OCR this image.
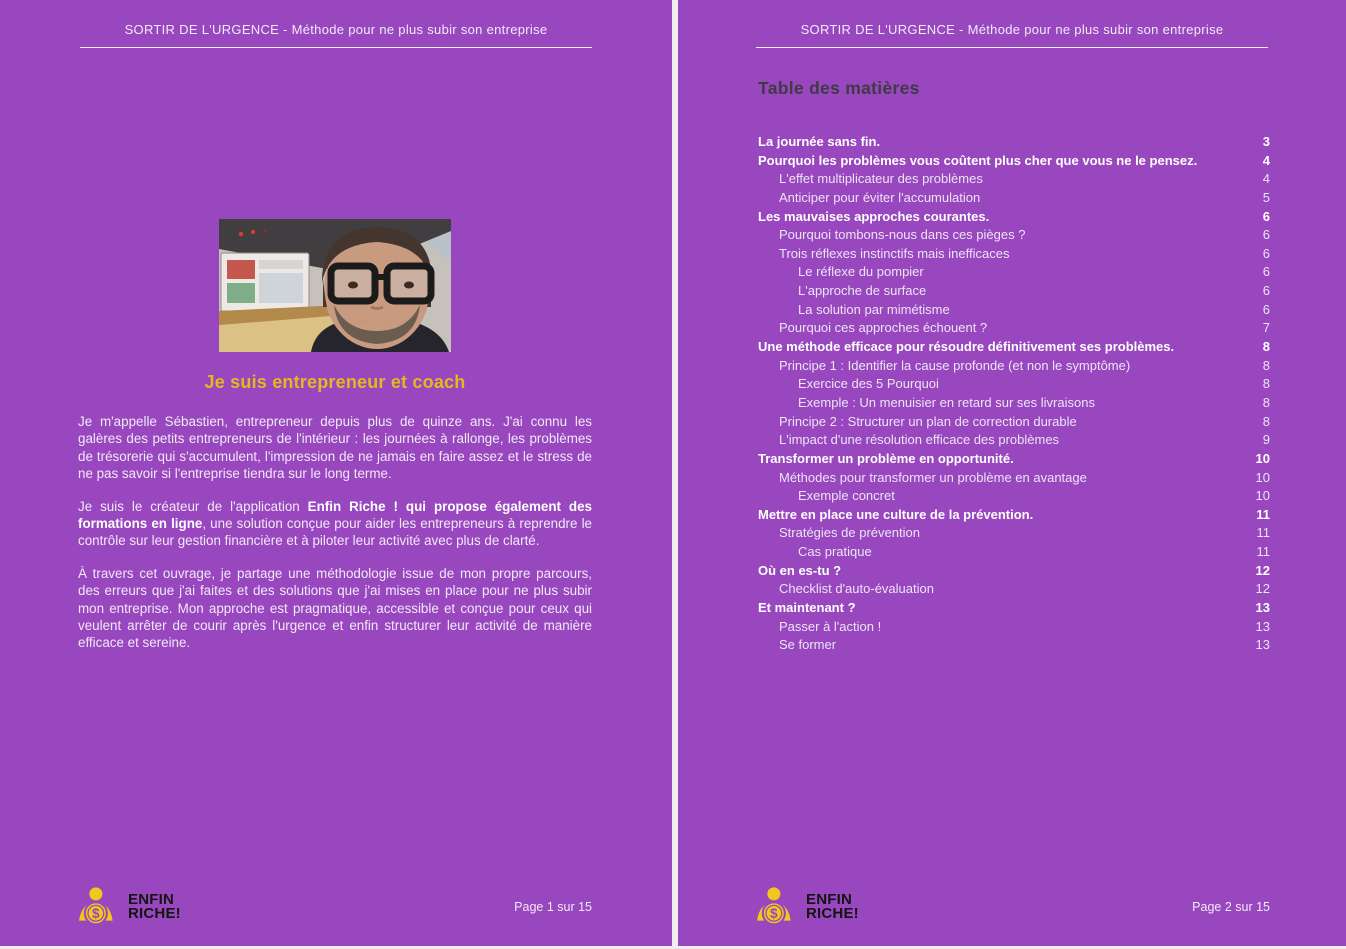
SORTIR DE L'URGENCE - Méthode pour ne plus subir son entreprise
Je suis entrepreneur et coach

Je m'appelle Sébastien, entrepreneur depuis plus de quinze ans. J'ai connu les galères des petits entrepreneurs de l'intérieur : les journées à rallonge, les problèmes de trésorerie qui s'accumulent, l'impression de ne jamais en faire assez et le stress de ne pas savoir si l'entreprise tiendra sur le long terme.

Je suis le créateur de l'application Enfin Riche ! qui propose également des formations en ligne, une solution conçue pour aider les entrepreneurs à reprendre le contrôle sur leur gestion financière et à piloter leur activité avec plus de clarté.

À travers cet ouvrage, je partage une méthodologie issue de mon propre parcours, des erreurs que j'ai faites et des solutions que j'ai mises en place pour ne plus subir mon entreprise. Mon approche est pragmatique, accessible et conçue pour ceux qui veulent arrêter de courir après l'urgence et enfin structurer leur activité de manière efficace et sereine.

$
ENFIN
RICHE!	Page 1 sur 15
SORTIR DE L'URGENCE - Méthode pour ne plus subir son entreprise
Table des matières
La journée sans fin.	3
Pourquoi les problèmes vous coûtent plus cher que vous ne le pensez.	4
L'effet multiplicateur des problèmes	4
Anticiper pour éviter l'accumulation	5
Les mauvaises approches courantes.	6
Pourquoi tombons-nous dans ces pièges ?	6
Trois réflexes instinctifs mais inefficaces	6
Le réflexe du pompier	6
L'approche de surface	6
La solution par mimétisme	6
Pourquoi ces approches échouent ?	7
Une méthode efficace pour résoudre définitivement ses problèmes.	8
Principe 1 : Identifier la cause profonde (et non le symptôme)	8
Exercice des 5 Pourquoi	8
Exemple : Un menuisier en retard sur ses livraisons	8
Principe 2 : Structurer un plan de correction durable	8
L'impact d'une résolution efficace des problèmes	9
Transformer un problème en opportunité.	10
Méthodes pour transformer un problème en avantage	10
Exemple concret	10
Mettre en place une culture de la prévention.	11
Stratégies de prévention	11
Cas pratique	11
Où en es-tu ?	12
Checklist d'auto-évaluation	12
Et maintenant ?	13
Passer à l'action !	13
Se former	13
$
ENFIN
RICHE!	Page 2 sur 15
